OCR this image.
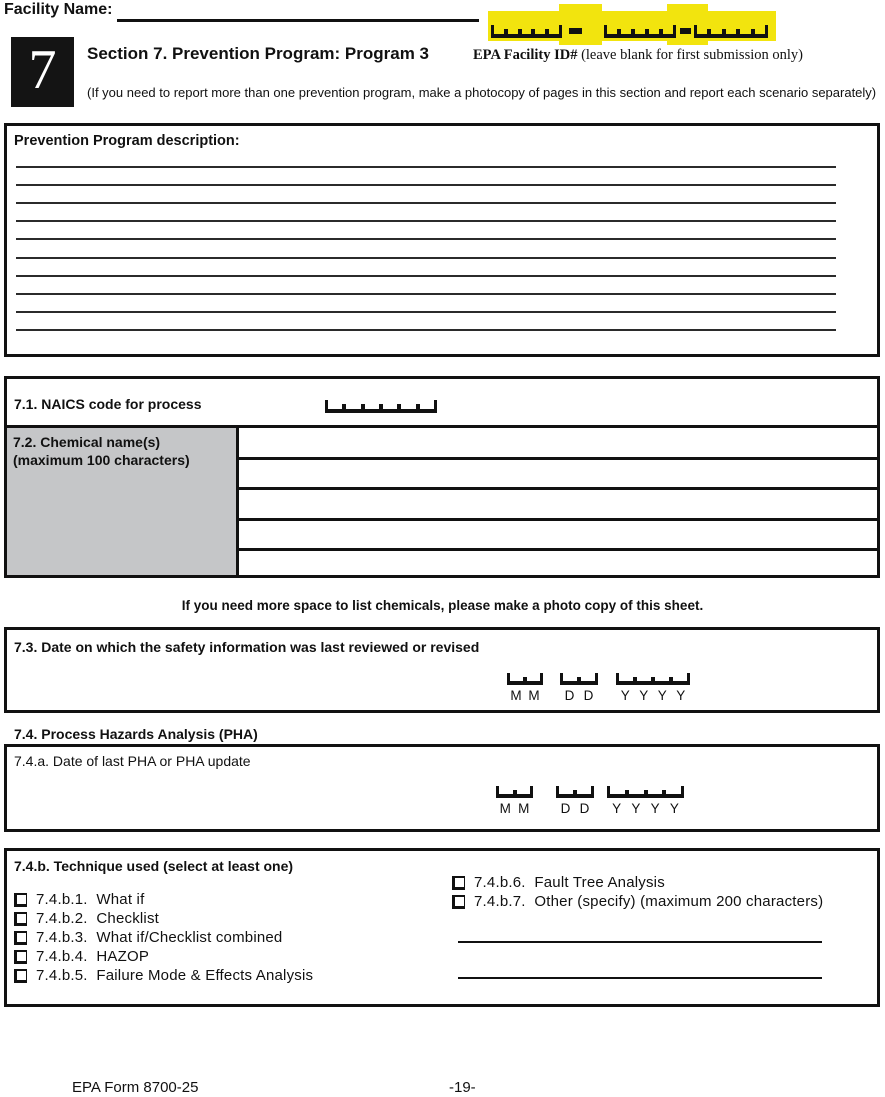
Facility Name:
7	Section 7. Prevention Program: Program 3	EPA Facility ID# (leave blank for first submission only)
(If you need to report more than one prevention program, make a photocopy of pages in this section and report each scenario separately)
Prevention Program description:
7.1. NAICS code for process
7.2. Chemical name(s)
(maximum 100 characters)
If you need more space to list chemicals, please make a photo copy of this sheet.
7.3. Date on which the safety information was last reviewed or revised
M M D D Y Y Y Y
7.4. Process Hazards Analysis (PHA)
7.4.a. Date of last PHA or PHA update
M M D D Y Y Y Y
7.4.b. Technique used (select at least one)
7.4.b.1.  What if
7.4.b.2.  Checklist
7.4.b.3.  What if/Checklist combined
7.4.b.4.  HAZOP
7.4.b.5.  Failure Mode & Effects Analysis
7.4.b.6.  Fault Tree Analysis
7.4.b.7.  Other (specify) (maximum 200 characters)
EPA Form 8700-25	-19-
